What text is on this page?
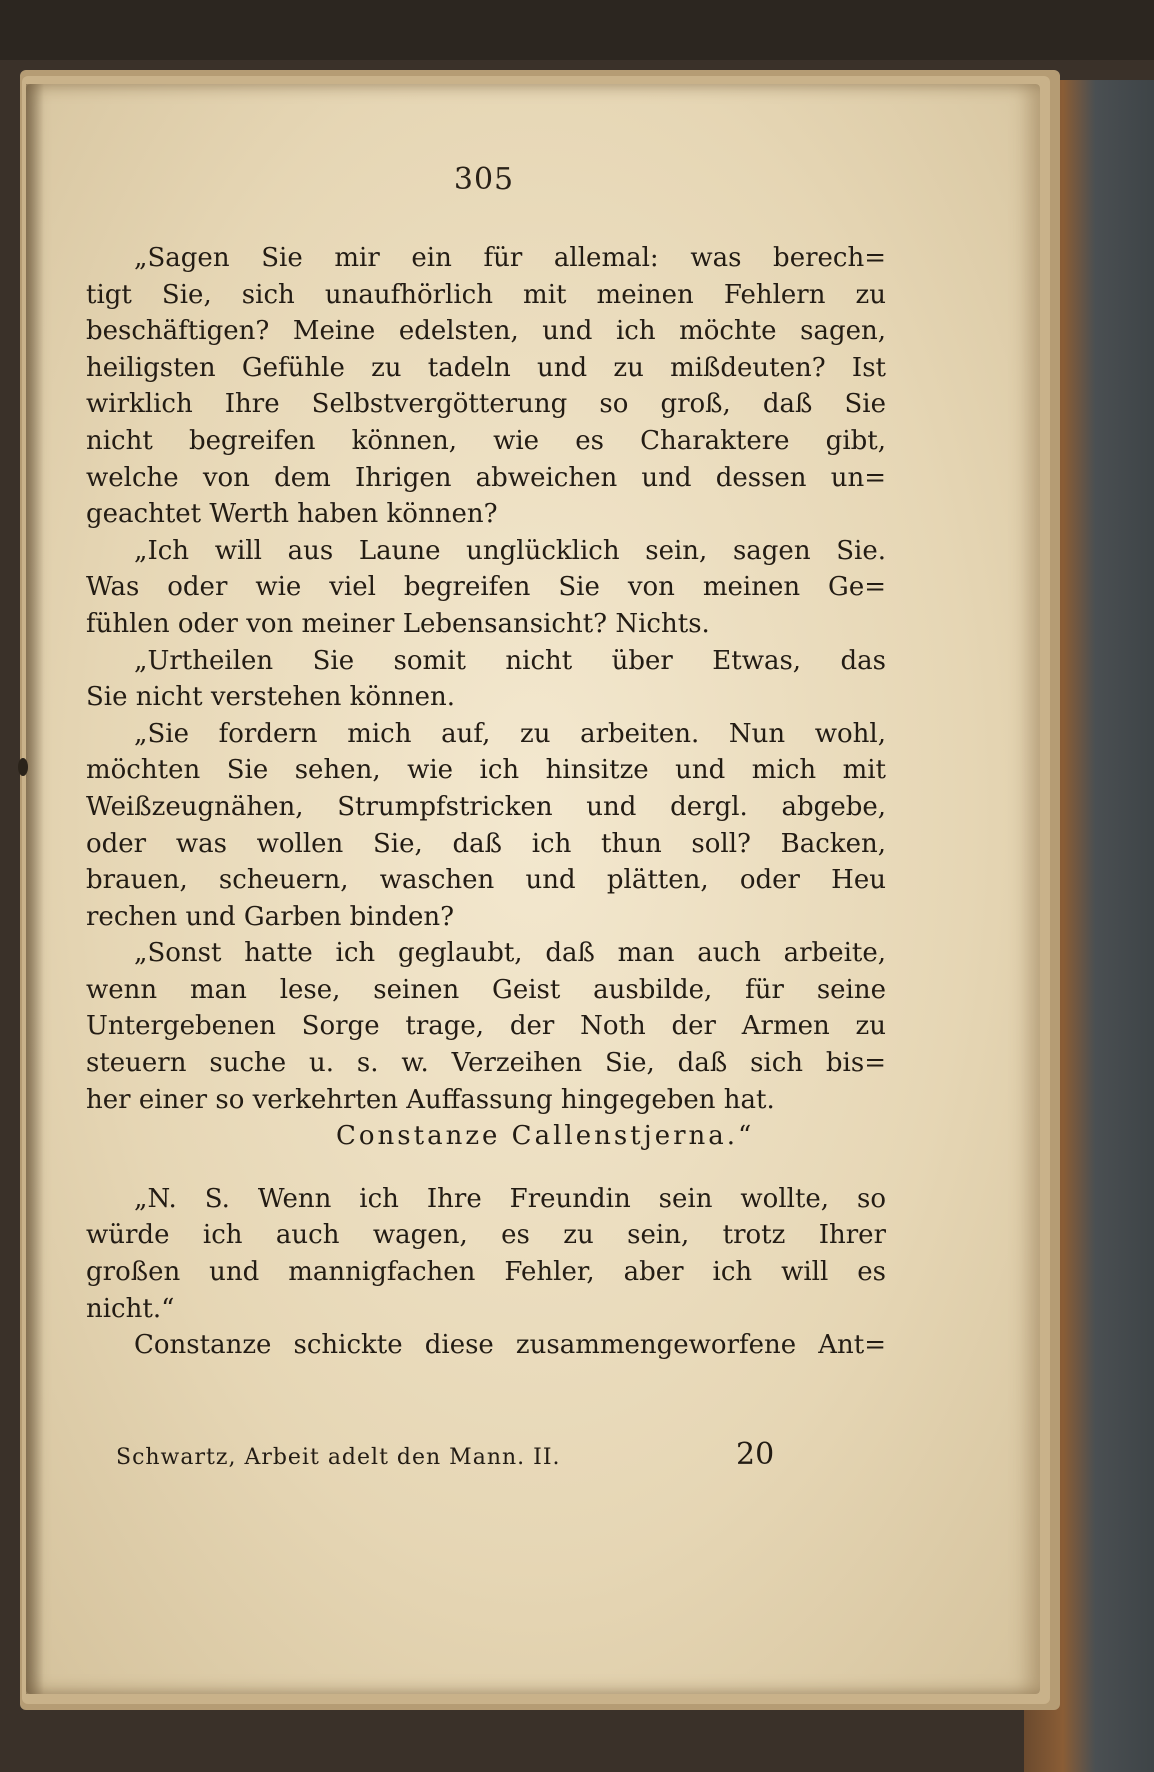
305
„Sagen Sie mir ein für allemal: was berech=
tigt Sie, sich unaufhörlich mit meinen Fehlern zu
beschäftigen? Meine edelsten, und ich möchte sagen,
heiligsten Gefühle zu tadeln und zu mißdeuten? Ist
wirklich Ihre Selbstvergötterung so groß, daß Sie
nicht begreifen können, wie es Charaktere gibt,
welche von dem Ihrigen abweichen und dessen un=
geachtet Werth haben können?
„Ich will aus Laune unglücklich sein, sagen Sie.
Was oder wie viel begreifen Sie von meinen Ge=
fühlen oder von meiner Lebensansicht? Nichts.
„Urtheilen Sie somit nicht über Etwas, das
Sie nicht verstehen können.
„Sie fordern mich auf, zu arbeiten. Nun wohl,
möchten Sie sehen, wie ich hinsitze und mich mit
Weißzeugnähen, Strumpfstricken und dergl. abgebe,
oder was wollen Sie, daß ich thun soll? Backen,
brauen, scheuern, waschen und plätten, oder Heu
rechen und Garben binden?
„Sonst hatte ich geglaubt, daß man auch arbeite,
wenn man lese, seinen Geist ausbilde, für seine
Untergebenen Sorge trage, der Noth der Armen zu
steuern suche u. s. w. Verzeihen Sie, daß sich bis=
her einer so verkehrten Auffassung hingegeben hat.
Constanze Callenstjerna.“
„N. S. Wenn ich Ihre Freundin sein wollte, so
würde ich auch wagen, es zu sein, trotz Ihrer
großen und mannigfachen Fehler, aber ich will es
nicht.“
Constanze schickte diese zusammengeworfene Ant=
Schwartz, Arbeit adelt den Mann. II.	20
